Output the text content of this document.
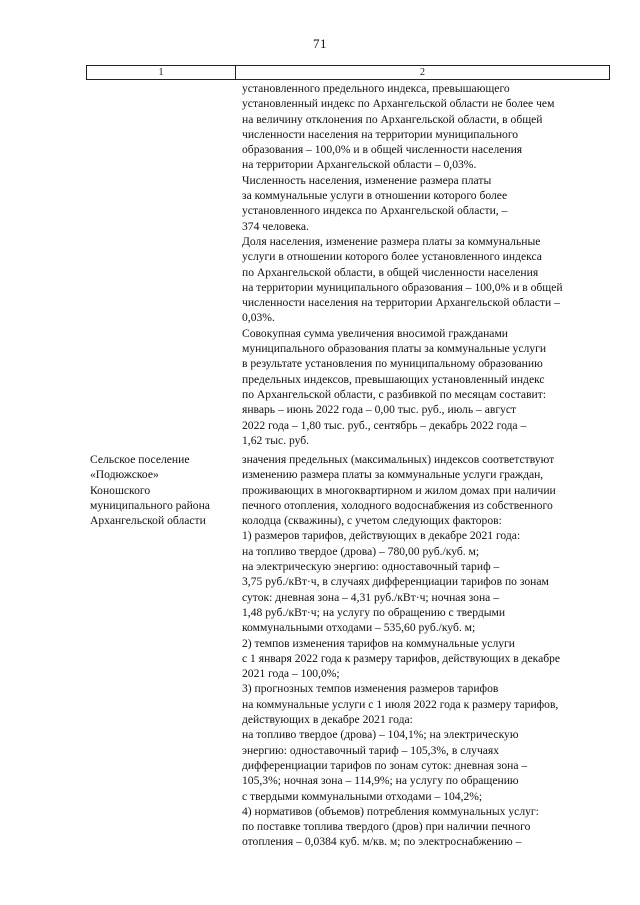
71
1	2
установленного предельного индекса, превышающего
установленный индекс по Архангельской области не более чем
на величину отклонения по Архангельской области, в общей
численности населения на территории муниципального
образования – 100,0% и в общей численности населения
на территории Архангельской области – 0,03%.
Численность населения, изменение размера платы
за коммунальные услуги в отношении которого более
установленного индекса по Архангельской области, –
374 человека.
Доля населения, изменение размера платы за коммунальные
услуги в отношении которого более установленного индекса
по Архангельской области, в общей численности населения
на территории муниципального образования – 100,0% и в общей
численности населения на территории Архангельской области –
0,03%.
Совокупная сумма увеличения вносимой гражданами
муниципального образования платы за коммунальные услуги
в результате установления по муниципальному образованию
предельных индексов, превышающих установленный индекс
по Архангельской области, с разбивкой по месяцам составит:
январь – июнь 2022 года – 0,00 тыс. руб., июль – август
2022 года – 1,80 тыс. руб., сентябрь – декабрь 2022 года –
1,62 тыс. руб.
Сельское поселение
«Подюжское»
Коношского
муниципального района
Архангельской области
значения предельных (максимальных) индексов соответствуют
изменению размера платы за коммунальные услуги граждан,
проживающих в многоквартирном и жилом домах при наличии
печного отопления, холодного водоснабжения из собственного
колодца (скважины), с учетом следующих факторов:
1) размеров тарифов, действующих в декабре 2021 года:
на топливо твердое (дрова) – 780,00 руб./куб. м;
на электрическую энергию: одноставочный тариф –
3,75 руб./кВт·ч, в случаях дифференциации тарифов по зонам
суток: дневная зона – 4,31 руб./кВт·ч; ночная зона –
1,48 руб./кВт·ч; на услугу по обращению с твердыми
коммунальными отходами – 535,60 руб./куб. м;
2) темпов изменения тарифов на коммунальные услуги
с 1 января 2022 года к размеру тарифов, действующих в декабре
2021 года – 100,0%;
3) прогнозных темпов изменения размеров тарифов
на коммунальные услуги с 1 июля 2022 года к размеру тарифов,
действующих в декабре 2021 года:
на топливо твердое (дрова) – 104,1%; на электрическую
энергию: одноставочный тариф – 105,3%, в случаях
дифференциации тарифов по зонам суток: дневная зона –
105,3%; ночная зона – 114,9%; на услугу по обращению
с твердыми коммунальными отходами – 104,2%;
4) нормативов (объемов) потребления коммунальных услуг:
по поставке топлива твердого (дров) при наличии печного
отопления – 0,0384 куб. м/кв. м; по электроснабжению –
